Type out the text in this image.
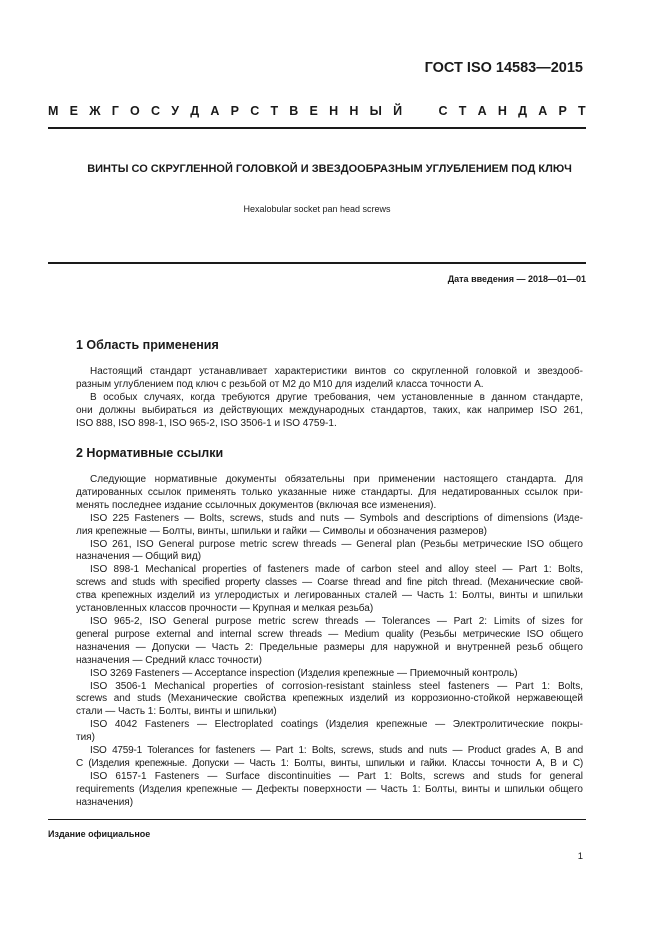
ГОСТ ISO 14583—2015
М Е Ж Г О С У Д А Р С Т В Е Н Н Ы Й	С Т А Н Д А Р Т
ВИНТЫ СО СКРУГЛЕННОЙ ГОЛОВКОЙ И ЗВЕЗДООБРАЗНЫМ УГЛУБЛЕНИЕМ ПОД КЛЮЧ
Hexalobular socket pan head screws
Дата введения — 2018—01—01
1 Область применения
Настоящий стандарт устанавливает характеристики винтов со скругленной головкой и звездооб-
разным углублением под ключ с резьбой от М2 до М10 для изделий класса точности А.
В особых случаях, когда требуются другие требования, чем установленные в данном стандарте,
они должны выбираться из действующих международных стандартов, таких, как например ISO 261,
ISO 888, ISO 898-1, ISO 965-2, ISO 3506-1 и ISO 4759-1.
2 Нормативные ссылки
Следующие нормативные документы обязательны при применении настоящего стандарта. Для
датированных ссылок применять только указанные ниже стандарты. Для недатированных ссылок при-
менять последнее издание ссылочных документов (включая все изменения).
ISO 225 Fasteners — Bolts, screws, studs and nuts — Symbols and descriptions of dimensions (Изде-
лия крепежные — Болты, винты, шпильки и гайки — Символы и обозначения размеров)
ISO 261, ISO General purpose metric screw threads — General plan (Резьбы метрические ISO общего
назначения — Общий вид)
ISO 898-1 Mechanical properties of fasteners made of carbon steel and alloy steel — Part 1: Bolts,
screws and studs with specified property classes — Coarse thread and fine pitch thread. (Механические свой-
ства крепежных изделий из углеродистых и легированных сталей — Часть 1: Болты, винты и шпильки
установленных классов прочности — Крупная и мелкая резьба)
ISO 965-2, ISO General purpose metric screw threads — Tolerances — Part 2: Limits of sizes for
general purpose external and internal screw threads — Medium quality (Резьбы метрические ISO общего
назначения — Допуски — Часть 2: Предельные размеры для наружной и внутренней резьб общего
назначения — Средний класс точности)
ISO 3269 Fasteners — Acceptance inspection (Изделия крепежные — Приемочный контроль)
ISO 3506-1 Mechanical properties of corrosion-resistant stainless steel fasteners — Part 1: Bolts,
screws and studs (Механические свойства крепежных изделий из коррозионно-стойкой нержавеющей
стали — Часть 1: Болты, винты и шпильки)
ISO 4042 Fasteners — Electroplated coatings (Изделия крепежные — Электролитические покры-
тия)
ISO 4759-1 Tolerances for fasteners — Part 1: Bolts, screws, studs and nuts — Product grades A, B and
C (Изделия крепежные. Допуски — Часть 1: Болты, винты, шпильки и гайки. Классы точности A, B и C)
ISO 6157-1 Fasteners — Surface discontinuities — Part 1: Bolts, screws and studs for general
requirements (Изделия крепежные — Дефекты поверхности — Часть 1: Болты, винты и шпильки общего
назначения)
Издание официальное
1
